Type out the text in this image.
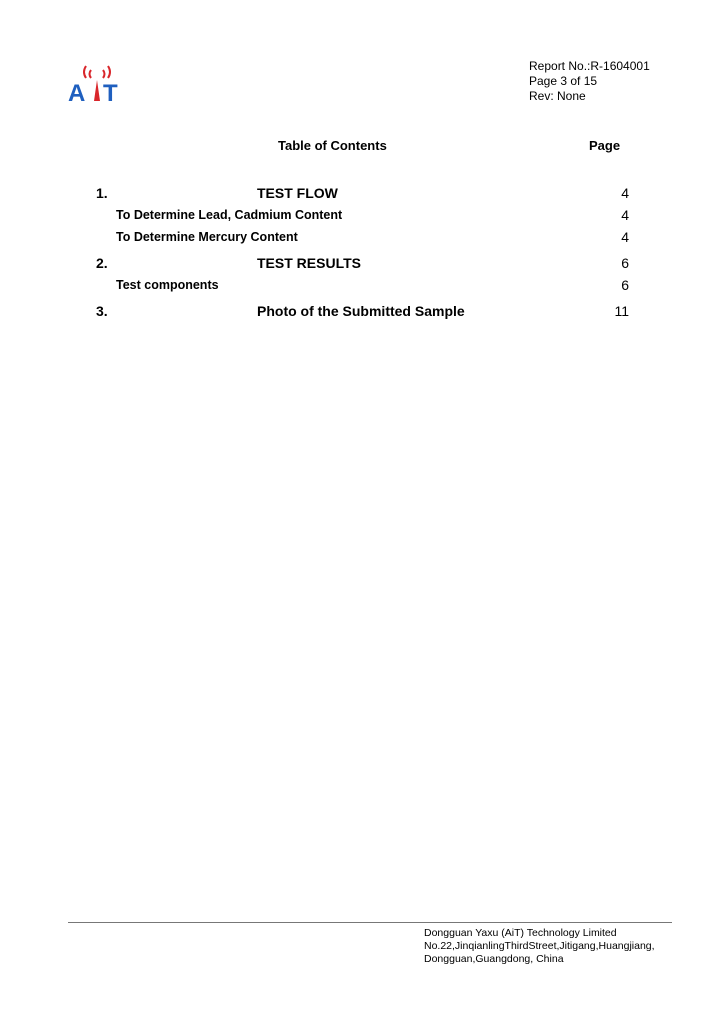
A T
Report No.:R-1604001
Page 3 of 15
Rev: None
Table of Contents	Page
1.	TEST FLOW	4
To Determine Lead, Cadmium Content	4
To Determine Mercury Content	4
2.	TEST RESULTS	6
Test components	6
3.	Photo of the Submitted Sample	11
Dongguan Yaxu (AiT) Technology Limited
No.22,JinqianlingThirdStreet,Jitigang,Huangjiang,
Dongguan,Guangdong, China
